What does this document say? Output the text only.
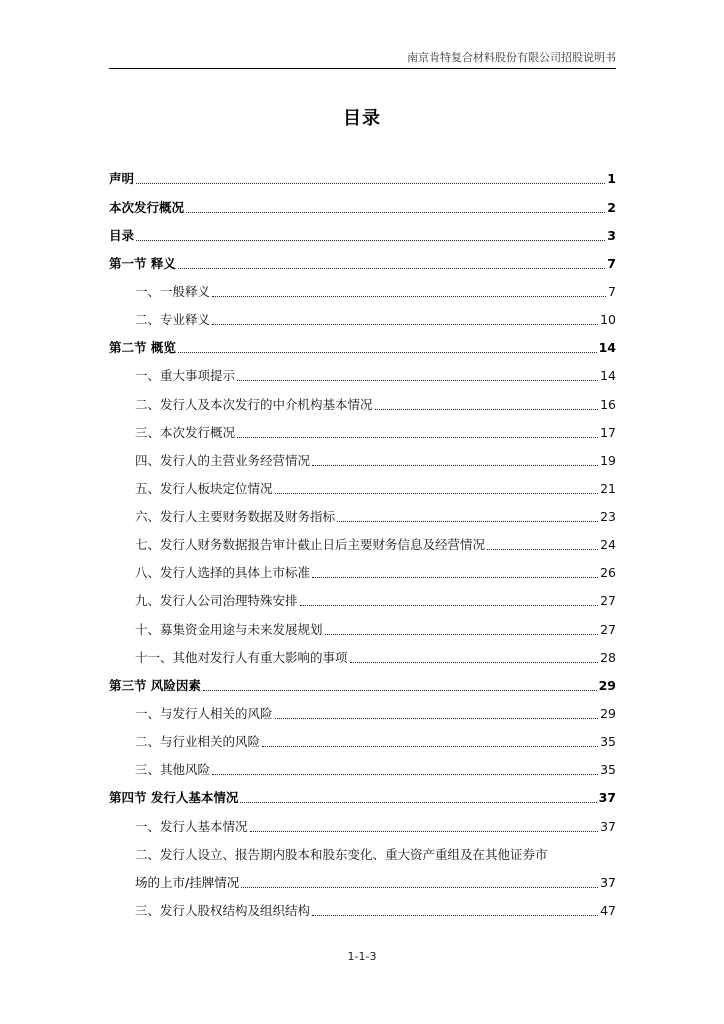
南京肯特复合材料股份有限公司招股说明书
目录
声明	1
本次发行概况	2
目录	3
第一节 释义	7
一、一般释义	7
二、专业释义	10
第二节 概览	14
一、重大事项提示	14
二、发行人及本次发行的中介机构基本情况	16
三、本次发行概况	17
四、发行人的主营业务经营情况	19
五、发行人板块定位情况	21
六、发行人主要财务数据及财务指标	23
七、发行人财务数据报告审计截止日后主要财务信息及经营情况	24
八、发行人选择的具体上市标准	26
九、发行人公司治理特殊安排	27
十、募集资金用途与未来发展规划	27
十一、其他对发行人有重大影响的事项	28
第三节 风险因素	29
一、与发行人相关的风险	29
二、与行业相关的风险	35
三、其他风险	35
第四节 发行人基本情况	37
一、发行人基本情况	37
二、发行人设立、报告期内股本和股东变化、重大资产重组及在其他证券市
场的上市/挂牌情况	37
三、发行人股权结构及组织结构	47
1-1-3
